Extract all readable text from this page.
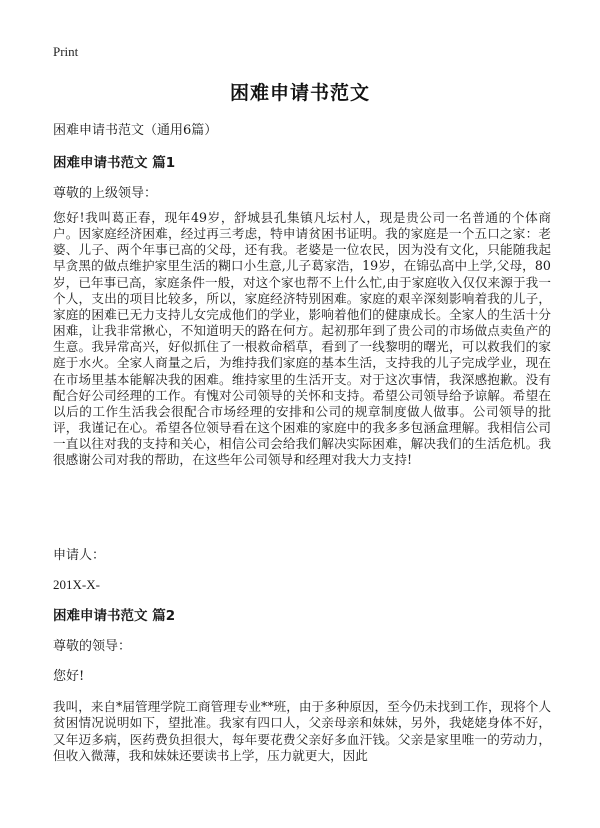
Print
困难申请书范文
困难申请书范文（通用6篇）
困难申请书范文 篇1
尊敬的上级领导：
您好!我叫葛正春，现年49岁，舒城县孔集镇凡坛村人，现是贵公司一名普通的个体商户。因家庭经济困难，经过再三考虑，特申请贫困书证明。我的家庭是一个五口之家：老婆、儿子、两个年事已高的父母，还有我。老婆是一位农民，因为没有文化，只能随我起早贪黑的做点维护家里生活的糊口小生意,儿子葛家浩，19岁，在锦弘高中上学,父母，80岁，已年事已高，家庭条件一般，对这个家也帮不上什么忙,由于家庭收入仅仅来源于我一个人，支出的项目比较多，所以，家庭经济特别困难。家庭的艰辛深刻影响着我的儿子，家庭的困难已无力支持儿女完成他们的学业，影响着他们的健康成长。全家人的生活十分困难，让我非常揪心，不知道明天的路在何方。起初那年到了贵公司的市场做点卖鱼产的生意。我异常高兴，好似抓住了一根救命稻草，看到了一线黎明的曙光，可以救我们的家庭于水火。全家人商量之后，为维持我们家庭的基本生活，支持我的儿子完成学业，现在在市场里基本能解决我的困难。维持家里的生活开支。对于这次事情，我深感抱歉。没有配合好公司经理的工作。有愧对公司领导的关怀和支持。希望公司领导给予谅解。希望在以后的工作生活我会很配合市场经理的安排和公司的规章制度做人做事。公司领导的批评，我谨记在心。希望各位领导看在这个困难的家庭中的我多多包涵盒理解。我相信公司一直以往对我的支持和关心，相信公司会给我们解决实际困难，解决我们的生活危机。我很感谢公司对我的帮助，在这些年公司领导和经理对我大力支持!
申请人：
201X-X-
困难申请书范文 篇2
尊敬的领导：
您好!
我叫，来自*届管理学院工商管理专业**班，由于多种原因，至今仍未找到工作，现将个人贫困情况说明如下，望批准。我家有四口人，父亲母亲和妹妹，另外，我姥姥身体不好，又年迈多病，医药费负担很大，每年要花费父亲好多血汗钱。父亲是家里唯一的劳动力，但收入微薄，我和妹妹还要读书上学，压力就更大，因此
